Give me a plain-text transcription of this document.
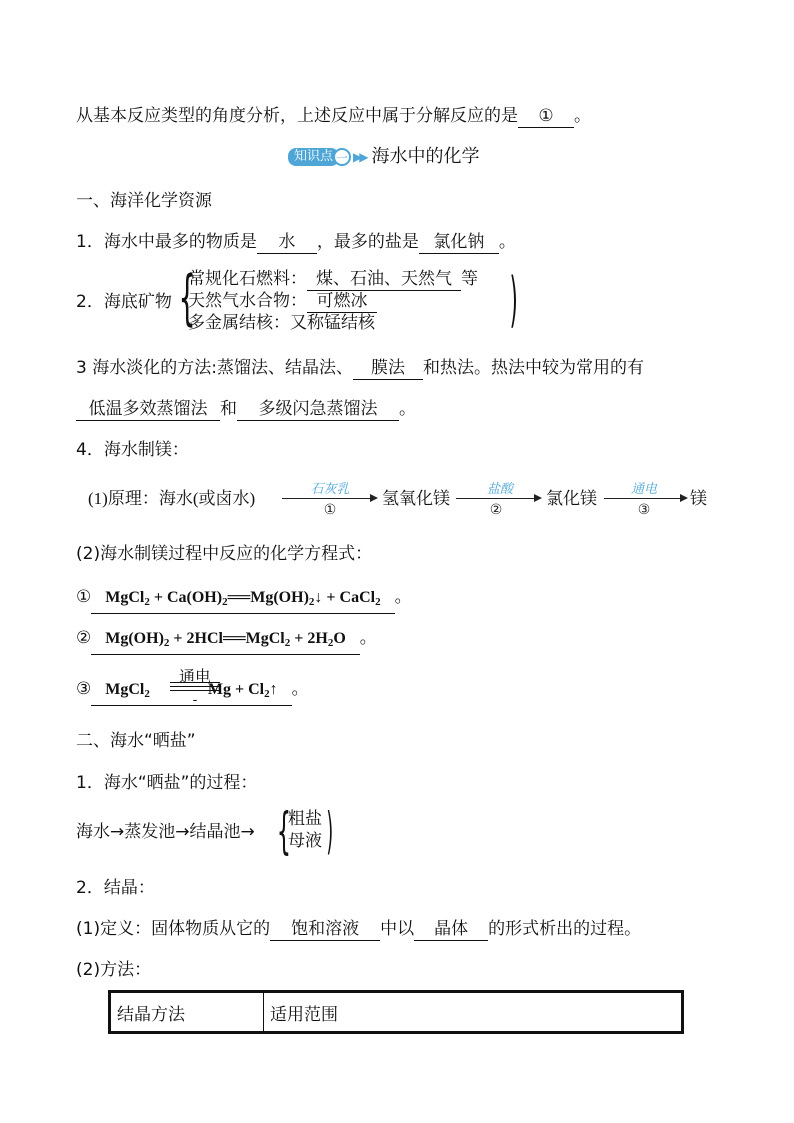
从基本反应类型的角度分析，上述反应中属于分解反应的是 ① 。
知识点 一 ▶▶ 海水中的化学
一、海洋化学资源
1．海水中最多的物质是 水 ，最多的盐是 氯化钠 。
2．海底矿物 {
常规化石燃料： 煤、石油、天然气 等
天然气水合物： 可燃冰
多金属结核：又称锰结核 )
3 海水淡化的方法:蒸馏法、结晶法、 膜法 和热法。热法中较为常用的有
低温多效蒸馏法 和 多级闪急蒸馏法 。
4．海水制镁：
(1)原理：海水(或卤水)
石灰乳
①
氢氧化镁
盐酸
②
氯化镁
通电
③
镁
(2)海水制镁过程中反应的化学方程式：
① MgCl$_2$ + $Ca(OH)_2══Mg(OH)_2↓$ + CaCl$_2$ 。
② $Mg(OH)_2$ + 2HCl══MgCl$_2$ + $2H_2O$ 。
③ MgCl$_2$	$Mg + Cl_2↑$ 。
通电
-
二、海水“晒盐”
1．海水“晒盐”的过程：
海水→蒸发池→结晶池→ {
粗盐
母液 )
2．结晶：
(1)定义：固体物质从它的 饱和溶液 中以 晶体 的形式析出的过程。
(2)方法：
结晶方法	适用范围
